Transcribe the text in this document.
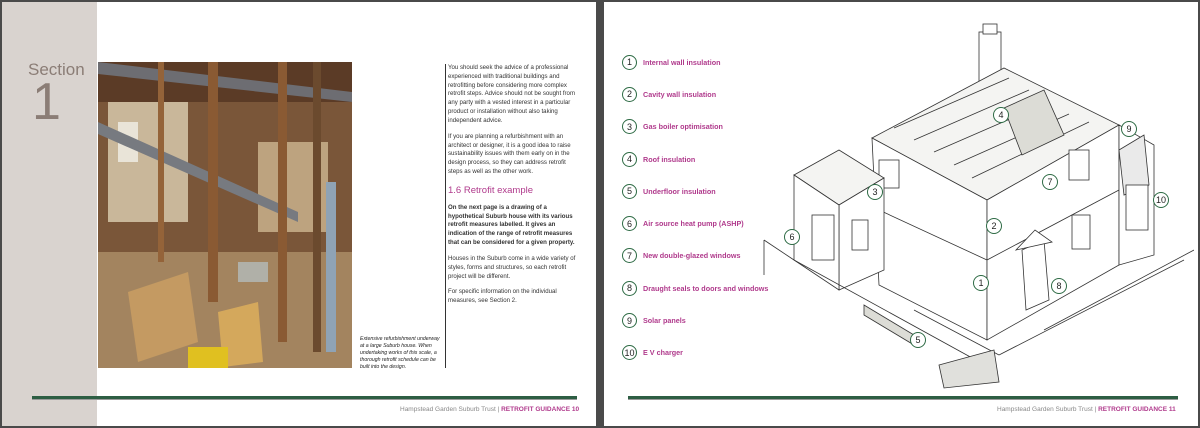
Section
1
Extensive refurbishment underway at a large Suburb house. When undertaking works of this scale, a thorough retrofit schedule can be built into the design.

You should seek the advice of a professional experienced with traditional buildings and retrofitting before considering more complex retrofit steps. Advice should not be sought from any party with a vested interest in a particular product or installation without also taking independent advice.

If you are planning a refurbishment with an architect or designer, it is a good idea to raise sustainability issues with them early on in the design process, so they can address retrofit steps as well as the other work.

1.6 Retrofit example

On the next page is a drawing of a hypothetical Suburb house with its various retrofit measures labelled. It gives an indication of the range of retrofit measures that can be considered for a given property.

Houses in the Suburb come in a wide variety of styles, forms and structures, so each retrofit project will be different.

For specific information on the individual measures, see Section 2.

Hampstead Garden Suburb Trust | RETROFIT GUIDANCE 10
1	Internal wall insulation
2	Cavity wall insulation
3	Gas boiler optimisation
4	Roof insulation
5	Underfloor insulation
6	Air source heat pump (ASHP)
7	New double-glazed windows
8	Draught seals to doors and windows
9	Solar panels
10	E V charger
4
9
3
7
10
6
2
1	8
5
Hampstead Garden Suburb Trust | RETROFIT GUIDANCE 11
